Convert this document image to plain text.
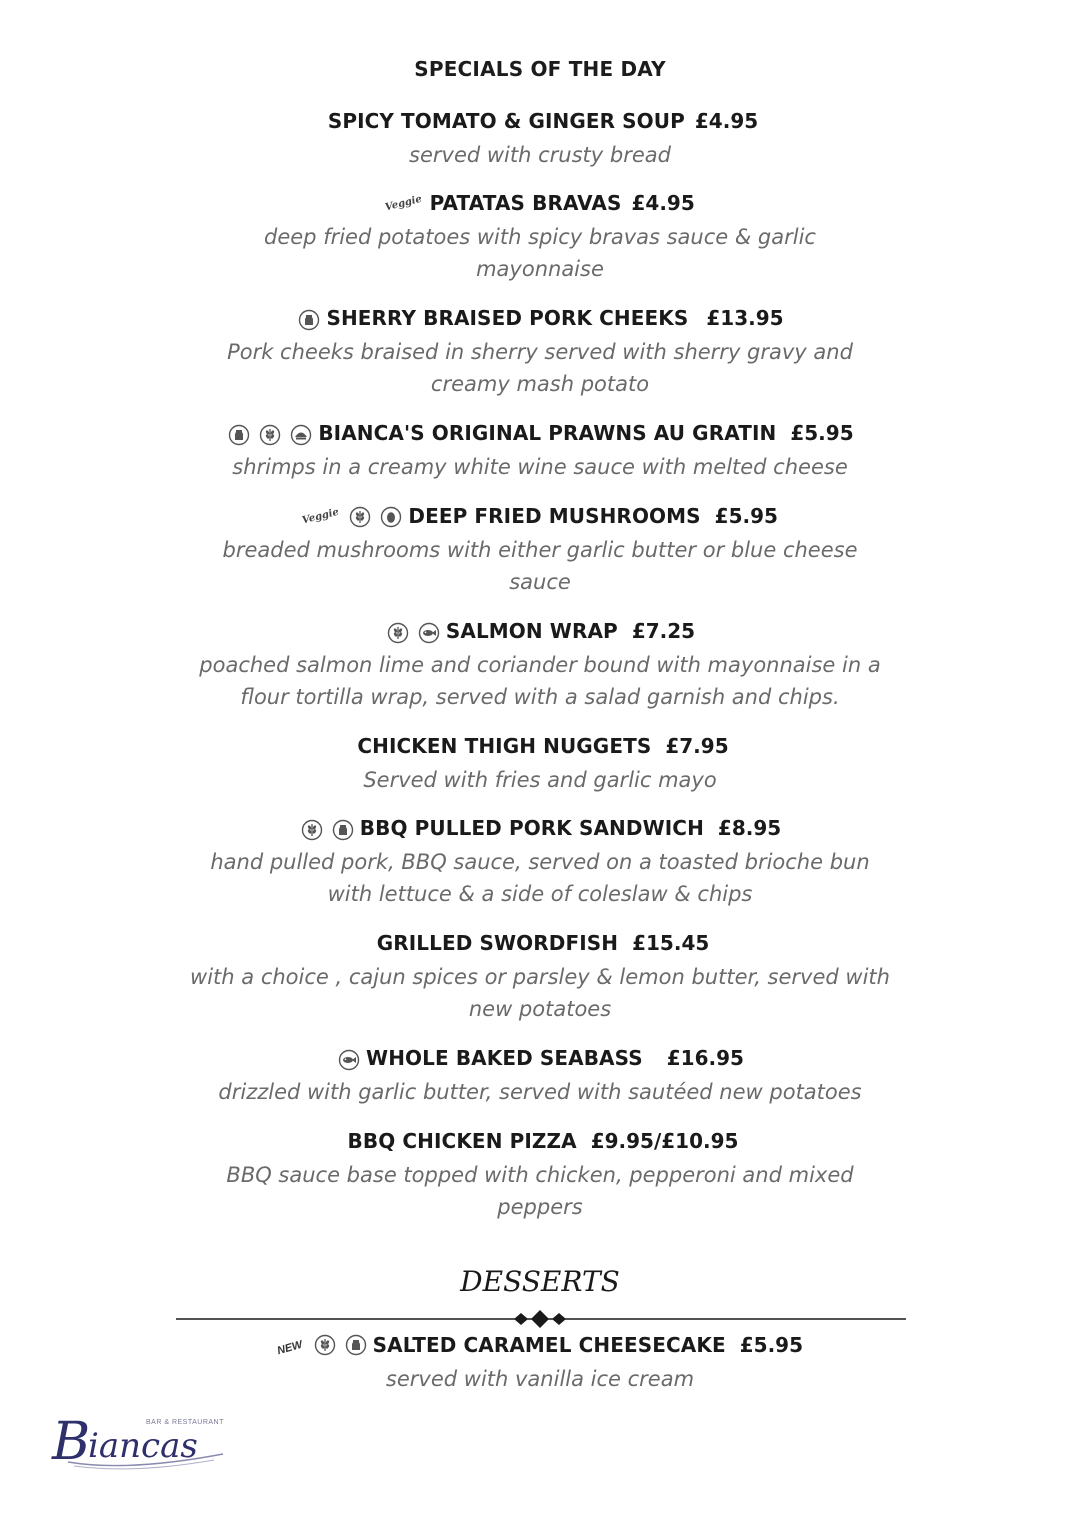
SPECIALS OF THE DAY
SPICY TOMATO & GINGER SOUP £4.95
served with crusty bread
Veggie PATATAS BRAVAS £4.95
deep fried potatoes with spicy bravas sauce & garlic mayonnaise
SHERRY BRAISED PORK CHEEKS £13.95
Pork cheeks braised in sherry served with sherry gravy and creamy mash potato

BIANCA'S ORIGINAL PRAWNS AU GRATIN £5.95
shrimps in a creamy white wine sauce with melted cheese
Veggie
	DEEP FRIED MUSHROOMS £5.95
breaded mushrooms with either garlic butter or blue cheese sauce

SALMON WRAP £7.25
poached salmon lime and coriander bound with mayonnaise in a flour tortilla wrap, served with a salad garnish and chips.
CHICKEN THIGH NUGGETS £7.95
Served with fries and garlic mayo

BBQ PULLED PORK SANDWICH £8.95
hand pulled pork, BBQ sauce, served on a toasted brioche bun with lettuce & a side of coleslaw & chips
GRILLED SWORDFISH £15.45
with a choice , cajun spices or parsley & lemon butter, served with new potatoes
WHOLE BAKED SEABASS £16.95
drizzled with garlic butter, served with sautéed new potatoes
BBQ CHICKEN PIZZA £9.95/£10.95
BBQ sauce base topped with chicken, pepperoni and mixed peppers
DESSERTS
NEW
	SALTED CARAMEL CHEESECAKE £5.95
served with vanilla ice cream
B
iancas
BAR & RESTAURANT
